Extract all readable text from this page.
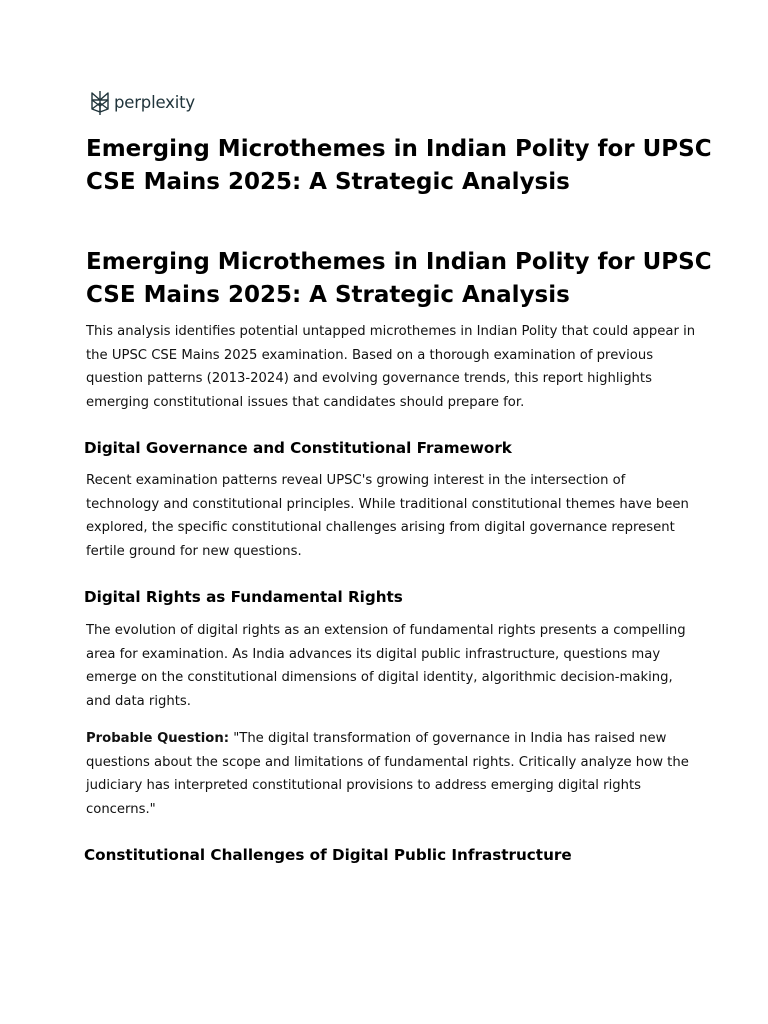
perplexity
Emerging Microthemes in Indian Polity for UPSC CSE Mains 2025: A Strategic Analysis
Emerging Microthemes in Indian Polity for UPSC CSE Mains 2025: A Strategic Analysis

This analysis identifies potential untapped microthemes in Indian Polity that could appear in the UPSC CSE Mains 2025 examination. Based on a thorough examination of previous question patterns (2013-2024) and evolving governance trends, this report highlights emerging constitutional issues that candidates should prepare for.

Digital Governance and Constitutional Framework

Recent examination patterns reveal UPSC's growing interest in the intersection of technology and constitutional principles. While traditional constitutional themes have been explored, the specific constitutional challenges arising from digital governance represent fertile ground for new questions.

Digital Rights as Fundamental Rights

The evolution of digital rights as an extension of fundamental rights presents a compelling area for examination. As India advances its digital public infrastructure, questions may emerge on the constitutional dimensions of digital identity, algorithmic decision-making, and data rights.

Probable Question: "The digital transformation of governance in India has raised new questions about the scope and limitations of fundamental rights. Critically analyze how the judiciary has interpreted constitutional provisions to address emerging digital rights concerns."

Constitutional Challenges of Digital Public Infrastructure
